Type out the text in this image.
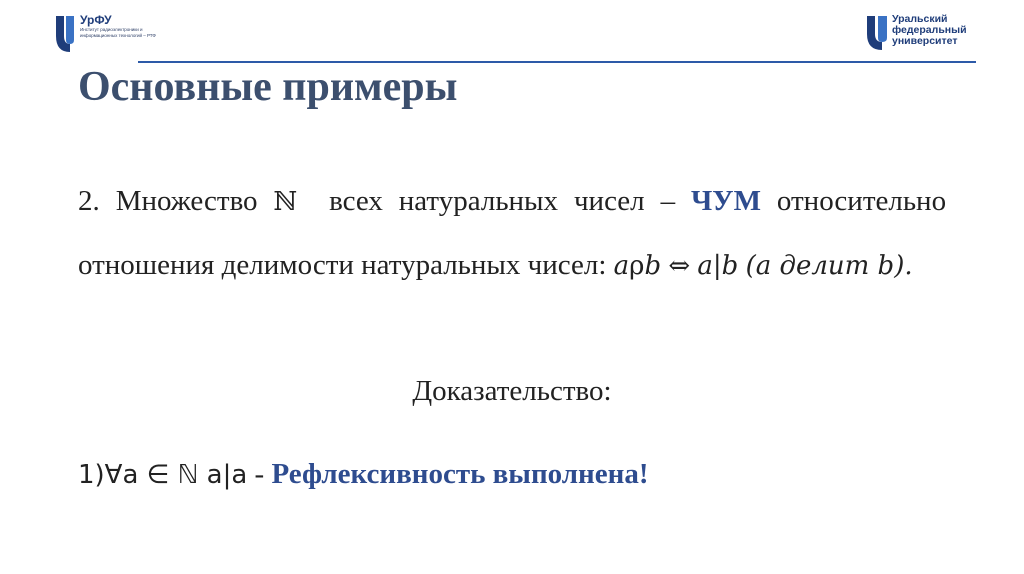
УрФУ
Институт радиоэлектроники и информационных технологий – РТФ
Уральский
федеральный
университет
Основные примеры
2. Множество ℕ всех натуральных чисел – ЧУМ относительно отношения делимости натуральных чисел: aρb ⇔ a|b (a делит b).
Доказательство:
1)∀a ∈ ℕ a|a - Рефлексивность выполнена!
